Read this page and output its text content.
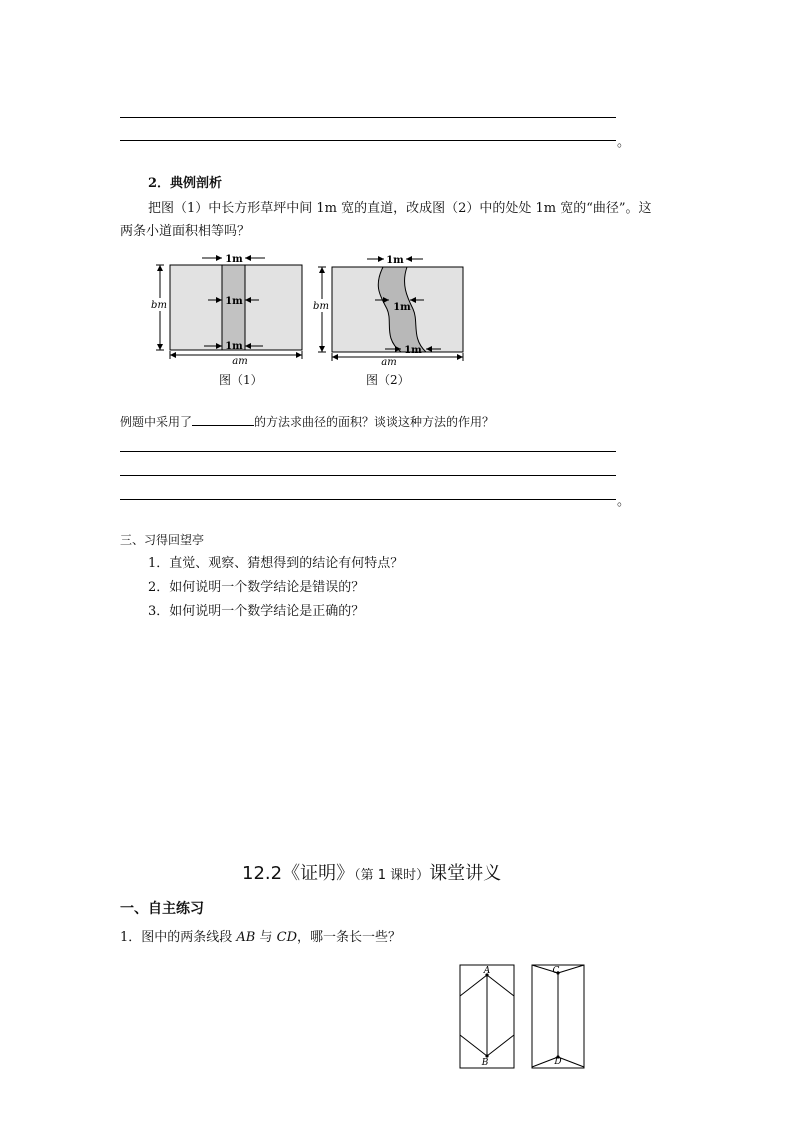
。
2．典例剖析
把图（1）中长方形草坪中间 1m 宽的直道，改成图（2）中的处处 1m 宽的“曲径”。这
两条小道面积相等吗？
bm
am
1m
1m
1m
图（1）
bm
am
1m
1m
1m
图（2）
例题中采用了	的方法求曲径的面积？谈谈这种方法的作用？
。
三、习得回望亭
1．直觉、观察、猜想得到的结论有何特点？
2．如何说明一个数学结论是错误的？
3．如何说明一个数学结论是正确的？
12.2《证明》（第 1 课时）课堂讲义
一、自主练习
1．图中的两条线段 AB 与 CD，哪一条长一些？
A
B
C
D
